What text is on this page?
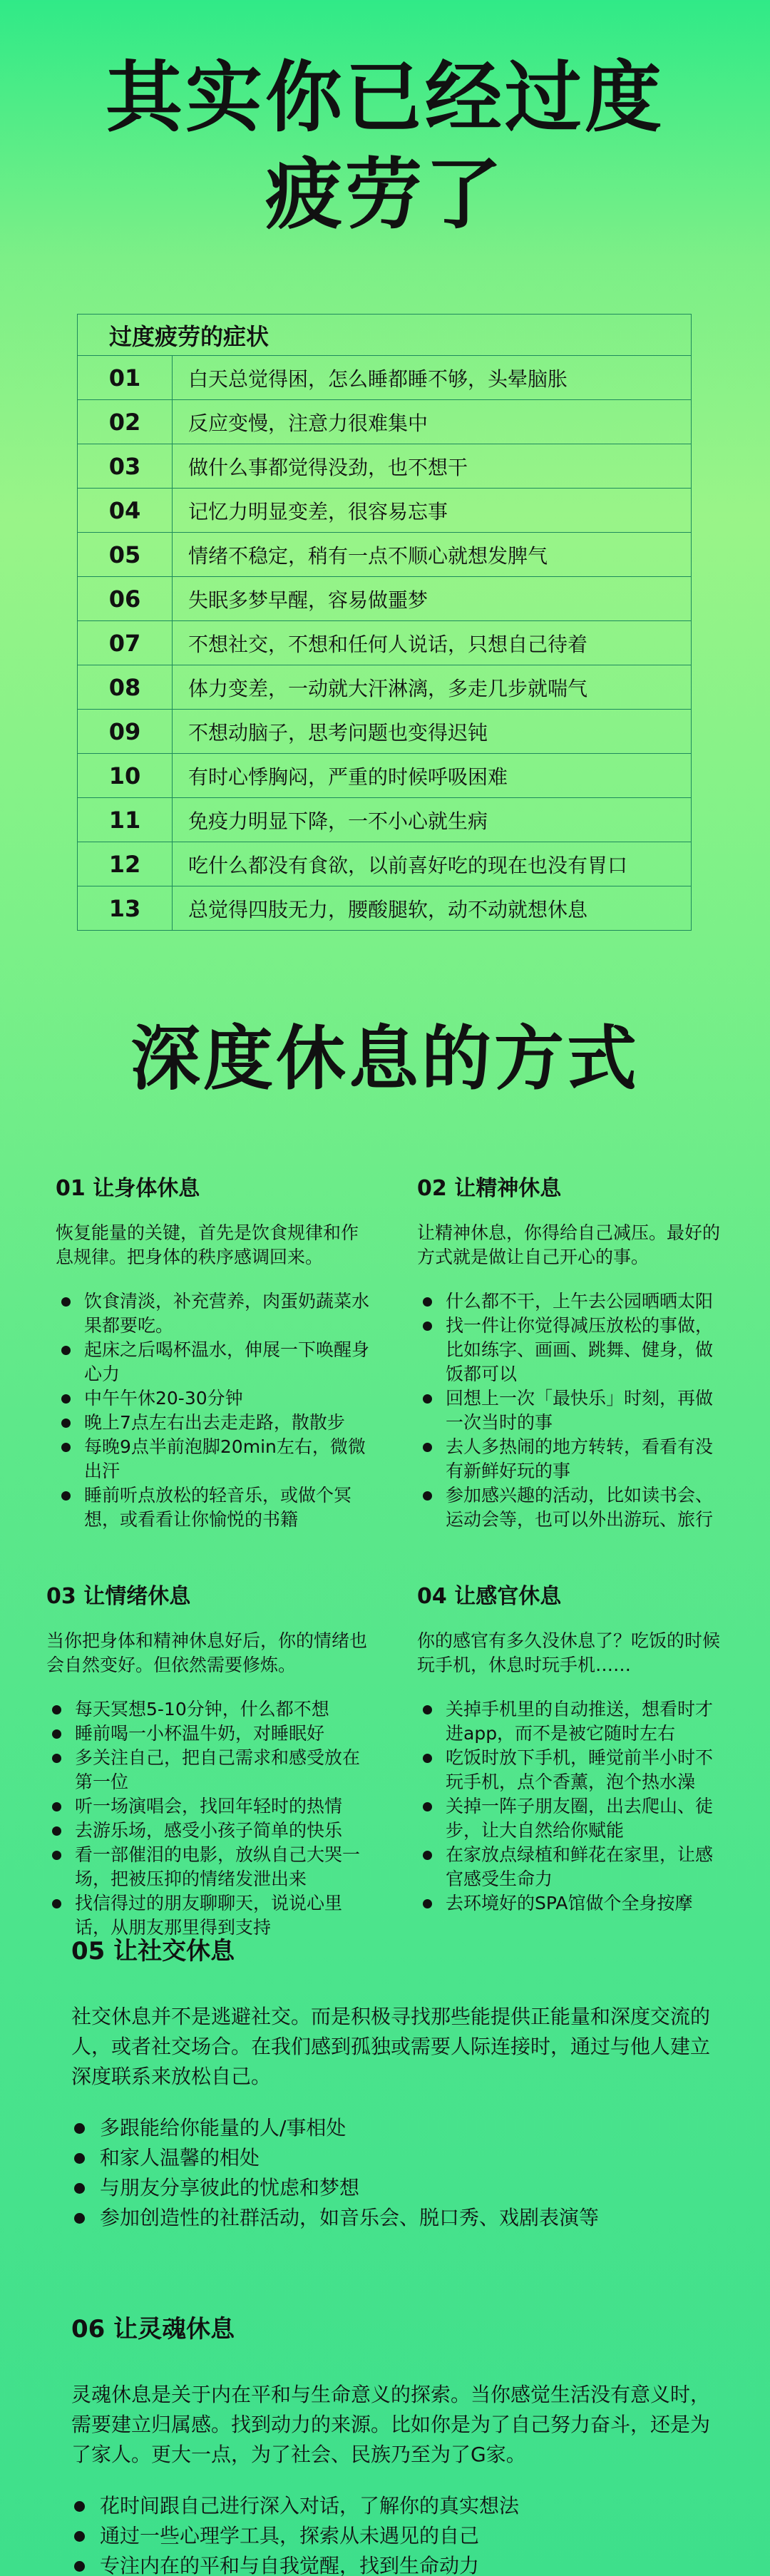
其实你已经过度
疲劳了
过度疲劳的症状	
01	白天总觉得困，怎么睡都睡不够，头晕脑胀
02	反应变慢，注意力很难集中
03	做什么事都觉得没劲，也不想干
04	记忆力明显变差，很容易忘事
05	情绪不稳定，稍有一点不顺心就想发脾气
06	失眠多梦早醒，容易做噩梦
07	不想社交，不想和任何人说话，只想自己待着
08	体力变差，一动就大汗淋漓，多走几步就喘气
09	不想动脑子，思考问题也变得迟钝
10	有时心悸胸闷，严重的时候呼吸困难
11	免疫力明显下降，一不小心就生病
12	吃什么都没有食欲，以前喜好吃的现在也没有胃口
13	总觉得四肢无力，腰酸腿软，动不动就想休息
深度休息的方式
01 让身体休息

恢复能量的关键，首先是饮食规律和作息规律。把身体的秩序感调回来。

饮食清淡，补充营养，肉蛋奶蔬菜水果都要吃。
起床之后喝杯温水，伸展一下唤醒身心力
中午午休20-30分钟
晚上7点左右出去走走路，散散步
每晚9点半前泡脚20min左右，微微出汗
睡前听点放松的轻音乐，或做个冥想，或看看让你愉悦的书籍
02 让精神休息

让精神休息，你得给自己减压。最好的方式就是做让自己开心的事。

什么都不干，上午去公园晒晒太阳
找一件让你觉得减压放松的事做，比如练字、画画、跳舞、健身，做饭都可以
回想上一次「最快乐」时刻，再做一次当时的事
去人多热闹的地方转转，看看有没有新鲜好玩的事
参加感兴趣的活动，比如读书会、运动会等，也可以外出游玩、旅行
03 让情绪休息

当你把身体和精神休息好后，你的情绪也会自然变好。但依然需要修炼。

每天冥想5-10分钟，什么都不想
睡前喝一小杯温牛奶，对睡眠好
多关注自己，把自己需求和感受放在第一位
听一场演唱会，找回年轻时的热情
去游乐场，感受小孩子简单的快乐
看一部催泪的电影，放纵自己大哭一场，把被压抑的情绪发泄出来
找信得过的朋友聊聊天，说说心里话，从朋友那里得到支持
04 让感官休息

你的感官有多久没休息了？吃饭的时候玩手机，休息时玩手机……

关掉手机里的自动推送，想看时才进app，而不是被它随时左右
吃饭时放下手机，睡觉前半小时不玩手机，点个香薰，泡个热水澡
关掉一阵子朋友圈，出去爬山、徒步，让大自然给你赋能
在家放点绿植和鲜花在家里，让感官感受生命力
去环境好的SPA馆做个全身按摩
05 让社交休息

社交休息并不是逃避社交。而是积极寻找那些能提供正能量和深度交流的人，或者社交场合。在我们感到孤独或需要人际连接时，通过与他人建立深度联系来放松自己。

多跟能给你能量的人/事相处
和家人温馨的相处
与朋友分享彼此的忧虑和梦想
参加创造性的社群活动，如音乐会、脱口秀、戏剧表演等
06 让灵魂休息

灵魂休息是关于内在平和与生命意义的探索。当你感觉生活没有意义时，需要建立归属感。找到动力的来源。比如你是为了自己努力奋斗，还是为了家人。更大一点，为了社会、民族乃至为了G家。

花时间跟自己进行深入对话，了解你的真实想法
通过一些心理学工具，探索从未遇见的自己
专注内在的平和与自我觉醒，找到生命动力
